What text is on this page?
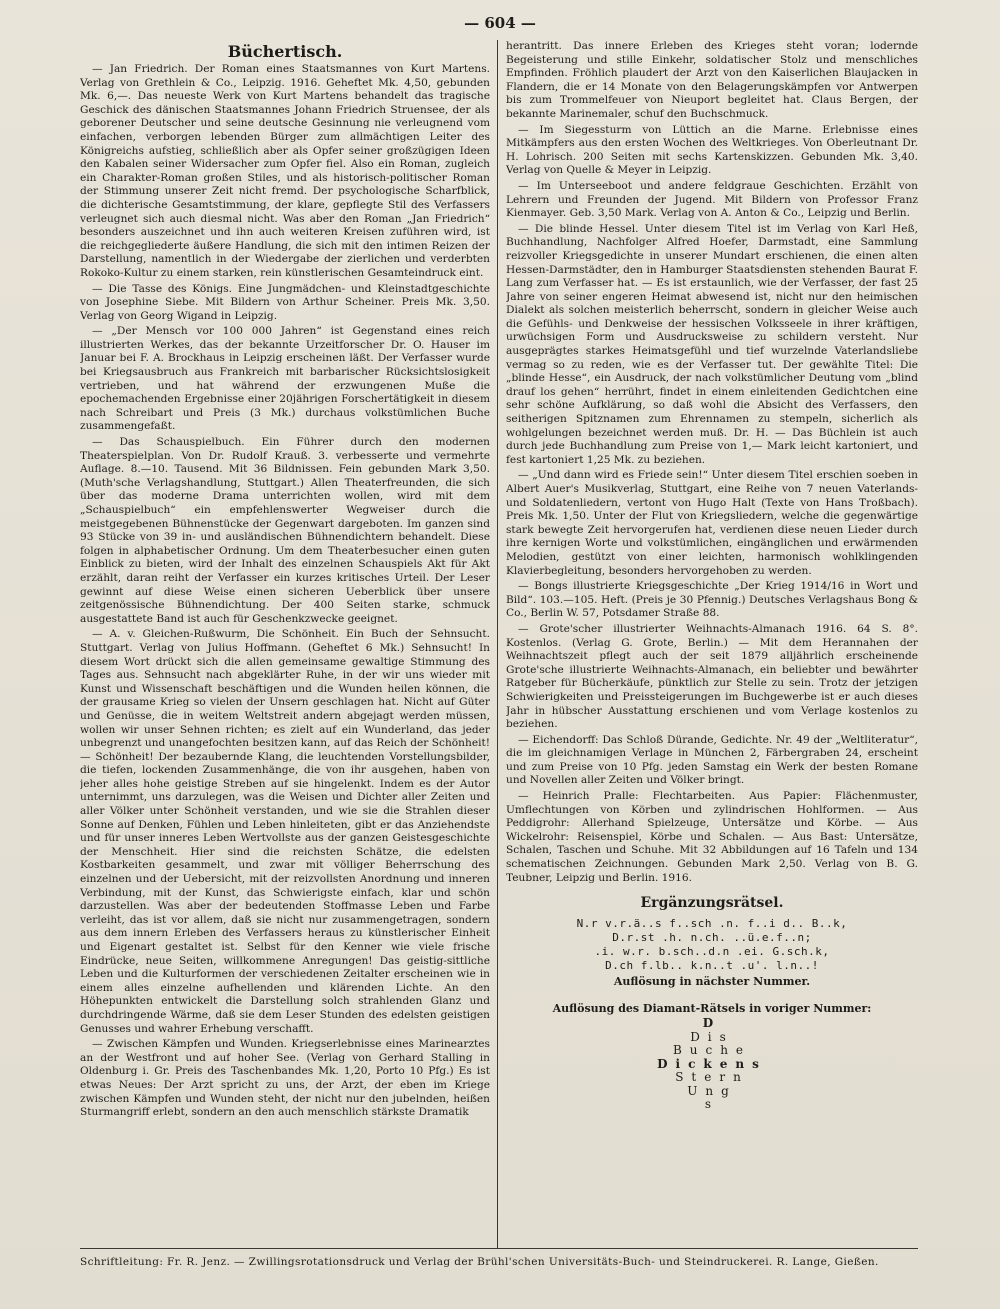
— 604 —
Büchertisch.

— Jan Friedrich. Der Roman eines Staatsmannes von Kurt Martens. Verlag von Grethlein & Co., Leipzig. 1916. Geheftet Mk. 4,50, gebunden Mk. 6,—. Das neueste Werk von Kurt Martens behandelt das tragische Geschick des dänischen Staatsmannes Johann Friedrich Struensee, der als geborener Deutscher und seine deutsche Gesinnung nie verleugnend vom einfachen, verborgen lebenden Bürger zum allmächtigen Leiter des Königreichs aufstieg, schließlich aber als Opfer seiner großzügigen Ideen den Kabalen seiner Widersacher zum Opfer fiel. Also ein Roman, zugleich ein Charakter-Roman großen Stiles, und als historisch-politischer Roman der Stimmung unserer Zeit nicht fremd. Der psychologische Scharfblick, die dichterische Gesamtstimmung, der klare, gepflegte Stil des Verfassers verleugnet sich auch diesmal nicht. Was aber den Roman „Jan Friedrich“ besonders auszeichnet und ihn auch weiteren Kreisen zuführen wird, ist die reichgegliederte äußere Handlung, die sich mit den intimen Reizen der Darstellung, namentlich in der Wiedergabe der zierlichen und verderbten Rokoko-Kultur zu einem starken, rein künstlerischen Gesamteindruck eint.

— Die Tasse des Königs. Eine Jungmädchen- und Kleinstadtgeschichte von Josephine Siebe. Mit Bildern von Arthur Scheiner. Preis Mk. 3,50. Verlag von Georg Wigand in Leipzig.

— „Der Mensch vor 100 000 Jahren“ ist Gegenstand eines reich illustrierten Werkes, das der bekannte Urzeitforscher Dr. O. Hauser im Januar bei F. A. Brockhaus in Leipzig erscheinen läßt. Der Verfasser wurde bei Kriegsausbruch aus Frankreich mit barbarischer Rücksichtslosigkeit vertrieben, und hat während der erzwungenen Muße die epochemachenden Ergebnisse einer 20jährigen Forschertätigkeit in diesem nach Schreibart und Preis (3 Mk.) durchaus volkstümlichen Buche zusammengefaßt.

— Das Schauspielbuch. Ein Führer durch den modernen Theaterspielplan. Von Dr. Rudolf Krauß. 3. verbesserte und vermehrte Auflage. 8.—10. Tausend. Mit 36 Bildnissen. Fein gebunden Mark 3,50. (Muth'sche Verlagshandlung, Stuttgart.) Allen Theaterfreunden, die sich über das moderne Drama unterrichten wollen, wird mit dem „Schauspielbuch“ ein empfehlenswerter Wegweiser durch die meistgegebenen Bühnenstücke der Gegenwart dargeboten. Im ganzen sind 93 Stücke von 39 in- und ausländischen Bühnendichtern behandelt. Diese folgen in alphabetischer Ordnung. Um dem Theaterbesucher einen guten Einblick zu bieten, wird der Inhalt des einzelnen Schauspiels Akt für Akt erzählt, daran reiht der Verfasser ein kurzes kritisches Urteil. Der Leser gewinnt auf diese Weise einen sicheren Ueberblick über unsere zeitgenössische Bühnendichtung. Der 400 Seiten starke, schmuck ausgestattete Band ist auch für Geschenkzwecke geeignet.

— A. v. Gleichen-Rußwurm, Die Schönheit. Ein Buch der Sehnsucht. Stuttgart. Verlag von Julius Hoffmann. (Geheftet 6 Mk.) Sehnsucht! In diesem Wort drückt sich die allen gemeinsame gewaltige Stimmung des Tages aus. Sehnsucht nach abgeklärter Ruhe, in der wir uns wieder mit Kunst und Wissenschaft beschäftigen und die Wunden heilen können, die der grausame Krieg so vielen der Unsern geschlagen hat. Nicht auf Güter und Genüsse, die in weitem Weltstreit andern abgejagt werden müssen, wollen wir unser Sehnen richten; es zielt auf ein Wunderland, das jeder unbegrenzt und unangefochten besitzen kann, auf das Reich der Schönheit! — Schönheit! Der bezaubernde Klang, die leuchtenden Vorstellungsbilder, die tiefen, lockenden Zusammenhänge, die von ihr ausgehen, haben von jeher alles hohe geistige Streben auf sie hingelenkt. Indem es der Autor unternimmt, uns darzulegen, was die Weisen und Dichter aller Zeiten und aller Völker unter Schönheit verstanden, und wie sie die Strahlen dieser Sonne auf Denken, Fühlen und Leben hinleiteten, gibt er das Anziehendste und für unser inneres Leben Wertvollste aus der ganzen Geistesgeschichte der Menschheit. Hier sind die reichsten Schätze, die edelsten Kostbarkeiten gesammelt, und zwar mit völliger Beherrschung des einzelnen und der Uebersicht, mit der reizvollsten Anordnung und inneren Verbindung, mit der Kunst, das Schwierigste einfach, klar und schön darzustellen. Was aber der bedeutenden Stoffmasse Leben und Farbe verleiht, das ist vor allem, daß sie nicht nur zusammengetragen, sondern aus dem innern Erleben des Verfassers heraus zu künstlerischer Einheit und Eigenart gestaltet ist. Selbst für den Kenner wie viele frische Eindrücke, neue Seiten, willkommene Anregungen! Das geistig-sittliche Leben und die Kulturformen der verschiedenen Zeitalter erscheinen wie in einem alles einzelne aufhellenden und klärenden Lichte. An den Höhepunkten entwickelt die Darstellung solch strahlenden Glanz und durchdringende Wärme, daß sie dem Leser Stunden des edelsten geistigen Genusses und wahrer Erhebung verschafft.

— Zwischen Kämpfen und Wunden. Kriegserlebnisse eines Marinearztes an der Westfront und auf hoher See. (Verlag von Gerhard Stalling in Oldenburg i. Gr. Preis des Taschenbandes Mk. 1,20, Porto 10 Pfg.) Es ist etwas Neues: Der Arzt spricht zu uns, der Arzt, der eben im Kriege zwischen Kämpfen und Wunden steht, der nicht nur den jubelnden, heißen Sturmangriff erlebt, sondern an den auch menschlich stärkste Dramatik

herantritt. Das innere Erleben des Krieges steht voran; lodernde Begeisterung und stille Einkehr, soldatischer Stolz und menschliches Empfinden. Fröhlich plaudert der Arzt von den Kaiserlichen Blaujacken in Flandern, die er 14 Monate von den Belagerungskämpfen vor Antwerpen bis zum Trommelfeuer von Nieuport begleitet hat. Claus Bergen, der bekannte Marinemaler, schuf den Buchschmuck.

— Im Siegessturm von Lüttich an die Marne. Erlebnisse eines Mitkämpfers aus den ersten Wochen des Weltkrieges. Von Oberleutnant Dr. H. Lohrisch. 200 Seiten mit sechs Kartenskizzen. Gebunden Mk. 3,40. Verlag von Quelle & Meyer in Leipzig.

— Im Unterseeboot und andere feldgraue Geschichten. Erzählt von Lehrern und Freunden der Jugend. Mit Bildern von Professor Franz Kienmayer. Geb. 3,50 Mark. Verlag von A. Anton & Co., Leipzig und Berlin.

— Die blinde Hessel. Unter diesem Titel ist im Verlag von Karl Heß, Buchhandlung, Nachfolger Alfred Hoefer, Darmstadt, eine Sammlung reizvoller Kriegsgedichte in unserer Mundart erschienen, die einen alten Hessen-Darmstädter, den in Hamburger Staatsdiensten stehenden Baurat F. Lang zum Verfasser hat. — Es ist erstaunlich, wie der Verfasser, der fast 25 Jahre von seiner engeren Heimat abwesend ist, nicht nur den heimischen Dialekt als solchen meisterlich beherrscht, sondern in gleicher Weise auch die Gefühls- und Denkweise der hessischen Volksseele in ihrer kräftigen, urwüchsigen Form und Ausdrucksweise zu schildern versteht. Nur ausgeprägtes starkes Heimatsgefühl und tief wurzelnde Vaterlandsliebe vermag so zu reden, wie es der Verfasser tut. Der gewählte Titel: Die „blinde Hesse“, ein Ausdruck, der nach volkstümlicher Deutung vom „blind drauf los gehen“ herrührt, findet in einem einleitenden Gedichtchen eine sehr schöne Aufklärung, so daß wohl die Absicht des Verfassers, den seitherigen Spitznamen zum Ehrennamen zu stempeln, sicherlich als wohlgelungen bezeichnet werden muß. Dr. H. — Das Büchlein ist auch durch jede Buchhandlung zum Preise von 1,— Mark leicht kartoniert, und fest kartoniert 1,25 Mk. zu beziehen.

— „Und dann wird es Friede sein!“ Unter diesem Titel erschien soeben in Albert Auer's Musikverlag, Stuttgart, eine Reihe von 7 neuen Vaterlands- und Soldatenliedern, vertont von Hugo Halt (Texte von Hans Troßbach). Preis Mk. 1,50. Unter der Flut von Kriegsliedern, welche die gegenwärtige stark bewegte Zeit hervorgerufen hat, verdienen diese neuen Lieder durch ihre kernigen Worte und volkstümlichen, eingänglichen und erwärmenden Melodien, gestützt von einer leichten, harmonisch wohlklingenden Klavierbegleitung, besonders hervorgehoben zu werden.

— Bongs illustrierte Kriegsgeschichte „Der Krieg 1914/16 in Wort und Bild“. 103.—105. Heft. (Preis je 30 Pfennig.) Deutsches Verlagshaus Bong & Co., Berlin W. 57, Potsdamer Straße 88.

— Grote'scher illustrierter Weihnachts-Almanach 1916. 64 S. 8°. Kostenlos. (Verlag G. Grote, Berlin.) — Mit dem Herannahen der Weihnachtszeit pflegt auch der seit 1879 alljährlich erscheinende Grote'sche illustrierte Weihnachts-Almanach, ein beliebter und bewährter Ratgeber für Bücherkäufe, pünktlich zur Stelle zu sein. Trotz der jetzigen Schwierigkeiten und Preissteigerungen im Buchgewerbe ist er auch dieses Jahr in hübscher Ausstattung erschienen und vom Verlage kostenlos zu beziehen.

— Eichendorff: Das Schloß Dürande, Gedichte. Nr. 49 der „Weltliteratur“, die im gleichnamigen Verlage in München 2, Färbergraben 24, erscheint und zum Preise von 10 Pfg. jeden Samstag ein Werk der besten Romane und Novellen aller Zeiten und Völker bringt.

— Heinrich Pralle: Flechtarbeiten. Aus Papier: Flächenmuster, Umflechtungen von Körben und zylindrischen Hohlformen. — Aus Peddigrohr: Allerhand Spielzeuge, Untersätze und Körbe. — Aus Wickelrohr: Reisenspiel, Körbe und Schalen. — Aus Bast: Untersätze, Schalen, Taschen und Schuhe. Mit 32 Abbildungen auf 16 Tafeln und 134 schematischen Zeichnungen. Gebunden Mark 2,50. Verlag von B. G. Teubner, Leipzig und Berlin. 1916.

Ergänzungsrätsel.

N.r v.r.ä..s f..sch .n. f..i d.. B..k,

D.r.st .h. n.ch. ..ü.e.f..n;

.i. w.r. b.sch..d.n .ei. G.sch.k,

D.ch f.lb.. k.n..t .u'. l.n..!

Auflösung in nächster Nummer.
Auflösung des Diamant-Rätsels in voriger Nummer:
D
Dis
Buche
Dickens
Stern
Ung
s
Schriftleitung: Fr. R. Jenz. — Zwillingsrotationsdruck und Verlag der Brühl'schen Universitäts-Buch- und Steindruckerei. R. Lange, Gießen.
